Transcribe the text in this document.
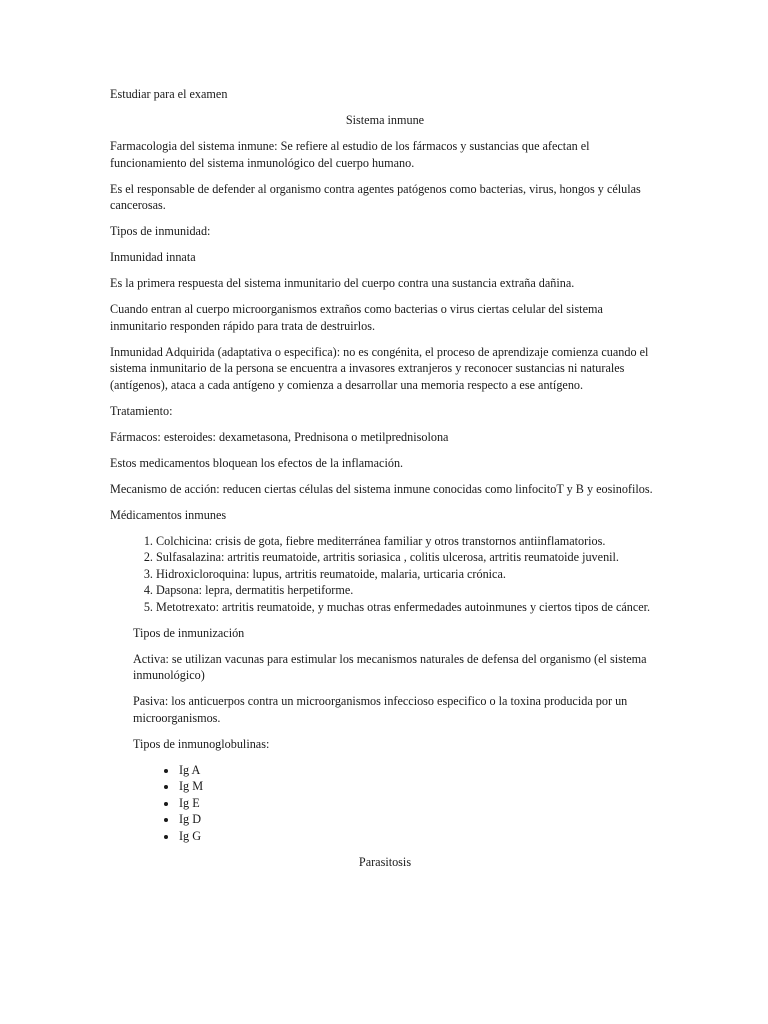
Estudiar para el examen

Sistema inmune

Farmacologia del sistema inmune: Se refiere al estudio de los fármacos y sustancias que afectan el funcionamiento del sistema inmunológico del cuerpo humano.

Es el responsable de defender al organismo contra agentes patógenos como bacterias, virus, hongos y células cancerosas.

Tipos de inmunidad:

Inmunidad innata

Es la primera respuesta del sistema inmunitario del cuerpo contra una sustancia extraña dañina.

Cuando entran al cuerpo microorganismos extraños como bacterias o virus ciertas celular del sistema inmunitario responden rápido para trata de destruirlos.

Inmunidad Adquirida (adaptativa o especifica): no es congénita, el proceso de aprendizaje comienza cuando el sistema inmunitario de la persona se encuentra a invasores extranjeros y reconocer sustancias ni naturales (antígenos), ataca a cada antígeno y comienza a desarrollar una memoria respecto a ese antígeno.

Tratamiento:

Fármacos: esteroides: dexametasona, Prednisona o metilprednisolona

Estos medicamentos bloquean los efectos de la inflamación.

Mecanismo de acción: reducen ciertas células del sistema inmune conocidas como linfocitoT y B y eosinofilos.

Médicamentos inmunes

1. Colchicina: crisis de gota, fiebre mediterránea familiar y otros transtornos antiinflamatorios.
2. Sulfasalazina: artritis reumatoide, artritis soriasica , colitis ulcerosa, artritis reumatoide juvenil.
3. Hidroxicloroquina: lupus, artritis reumatoide, malaria, urticaria crónica.
4. Dapsona: lepra, dermatitis herpetiforme.
5. Metotrexato: artritis reumatoide, y muchas otras enfermedades autoinmunes y ciertos tipos de cáncer.

Tipos de inmunización

Activa: se utilizan vacunas para estimular los mecanismos naturales de defensa del organismo (el sistema inmunológico)

Pasiva: los anticuerpos contra un microorganismos infeccioso especifico o la toxina producida por un microorganismos.

Tipos de inmunoglobulinas:

• Ig A
• Ig M
• Ig E
• Ig D
• Ig G

Parasitosis
